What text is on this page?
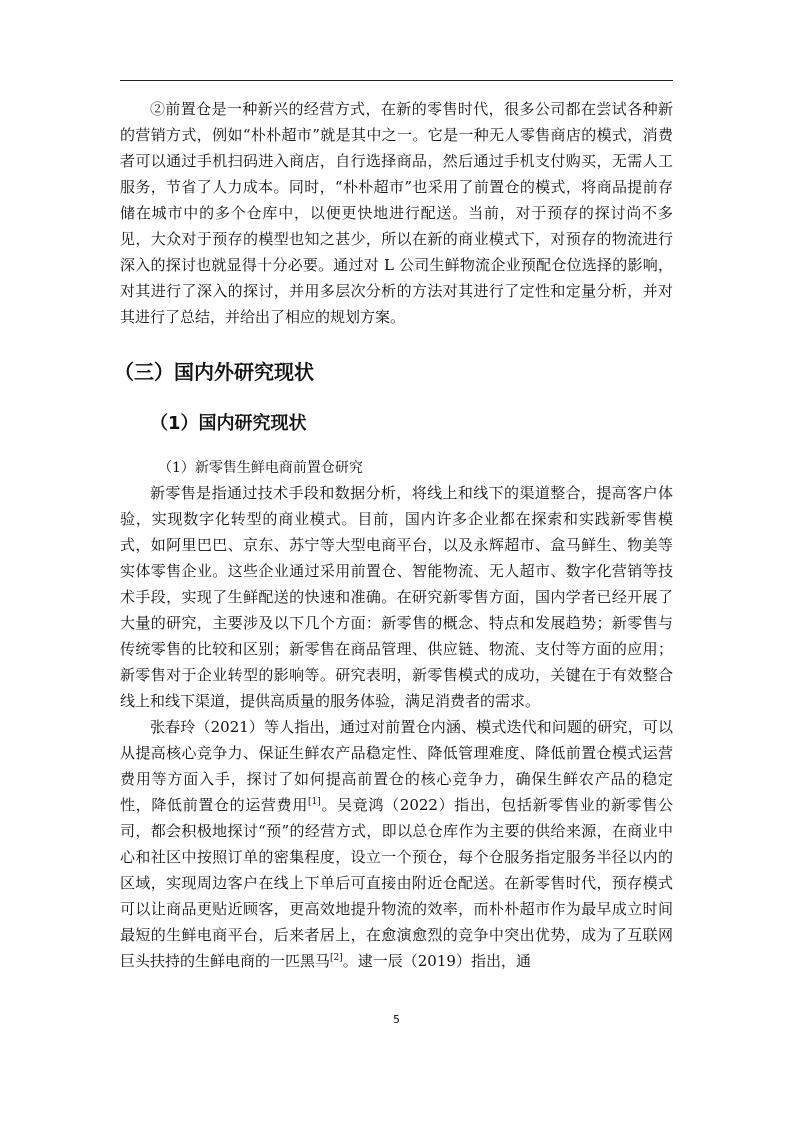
②前置仓是一种新兴的经营方式，在新的零售时代，很多公司都在尝试各种新的营销方式，例如“朴朴超市”就是其中之一。它是一种无人零售商店的模式，消费者可以通过手机扫码进入商店，自行选择商品，然后通过手机支付购买，无需人工服务，节省了人力成本。同时，“朴朴超市”也采用了前置仓的模式，将商品提前存储在城市中的多个仓库中，以便更快地进行配送。当前，对于预存的探讨尚不多见，大众对于预存的模型也知之甚少，所以在新的商业模式下，对预存的物流进行深入的探讨也就显得十分必要。通过对 L 公司生鲜物流企业预配仓位选择的影响，对其进行了深入的探讨，并用多层次分析的方法对其进行了定性和定量分析，并对其进行了总结，并给出了相应的规划方案。

（三）国内外研究现状
（1）国内研究现状
（1）新零售生鲜电商前置仓研究

新零售是指通过技术手段和数据分析，将线上和线下的渠道整合，提高客户体验，实现数字化转型的商业模式。目前，国内许多企业都在探索和实践新零售模式，如阿里巴巴、京东、苏宁等大型电商平台，以及永辉超市、盒马鲜生、物美等实体零售企业。这些企业通过采用前置仓、智能物流、无人超市、数字化营销等技术手段，实现了生鲜配送的快速和准确。在研究新零售方面，国内学者已经开展了大量的研究，主要涉及以下几个方面：新零售的概念、特点和发展趋势；新零售与传统零售的比较和区别；新零售在商品管理、供应链、物流、支付等方面的应用；新零售对于企业转型的影响等。研究表明，新零售模式的成功，关键在于有效整合线上和线下渠道，提供高质量的服务体验，满足消费者的需求。

张春玲（2021）等人指出，通过对前置仓内涵、模式迭代和问题的研究，可以从提高核心竞争力、保证生鲜农产品稳定性、降低管理难度、降低前置仓模式运营费用等方面入手，探讨了如何提高前置仓的核心竞争力，确保生鲜农产品的稳定性，降低前置仓的运营费用[1]。吴竟鸿（2022）指出，包括新零售业的新零售公司，都会积极地探讨“预”的经营方式，即以总仓库作为主要的供给来源，在商业中心和社区中按照订单的密集程度，设立一个预仓，每个仓服务指定服务半径以内的区域，实现周边客户在线上下单后可直接由附近仓配送。在新零售时代，预存模式可以让商品更贴近顾客，更高效地提升物流的效率，而朴朴超市作为最早成立时间最短的生鲜电商平台，后来者居上，在愈演愈烈的竞争中突出优势，成为了互联网巨头扶持的生鲜电商的一匹黑马[2]。逮一辰（2019）指出，通

5
